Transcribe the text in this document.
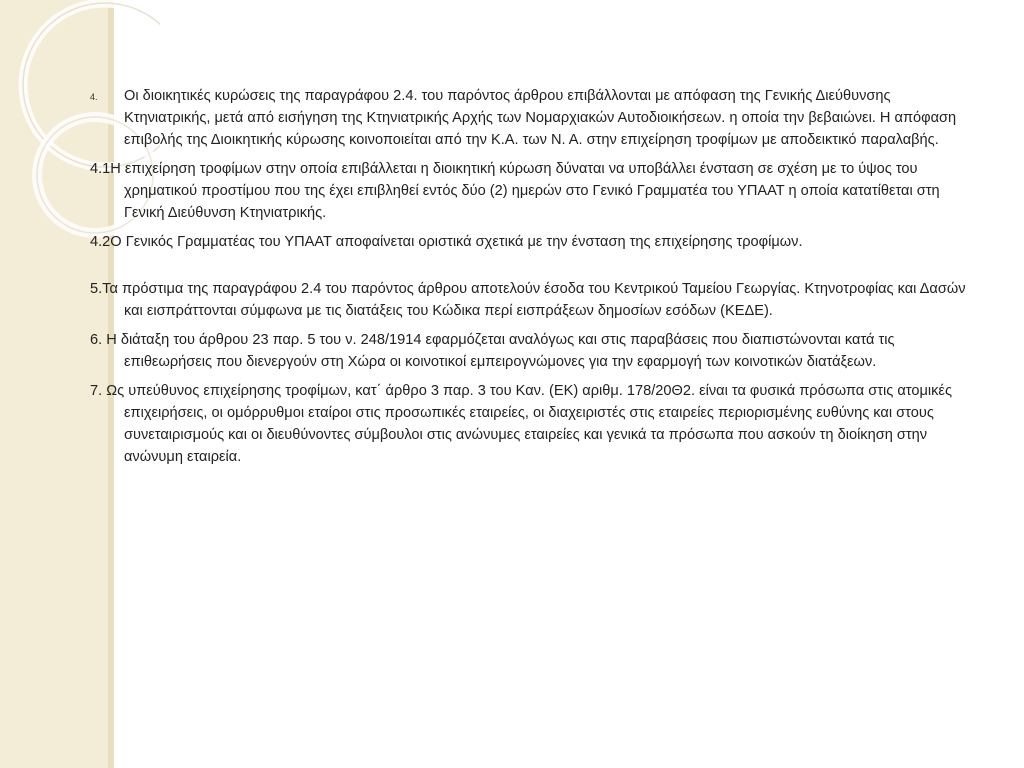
4. Οι διοικητικές κυρώσεις της παραγράφου 2.4. του παρόντος άρθρου επιβάλλονται με απόφαση της Γενικής Διεύθυνσης Κτηνιατρικής, μετά από εισήγηση της Κτηνιατρικής Αρχής των Νομαρχιακών Αυτοδιοικήσεων. η οποία την βεβαιώνει. Η απόφαση επιβολής της Διοικητικής κύρωσης κοινοποιείται από την Κ.Α. των Ν. Α. στην επιχείρηση τροφίμων με αποδεικτικό παραλαβής.

4.1Η επιχείρηση τροφίμων στην οποία επιβάλλεται η διοικητική κύρωση δύναται να υποβάλλει ένσταση σε σχέση με το ύψος του χρηματικού προστίμου που της έχει επιβληθεί εντός δύο (2) ημερών στο Γενικό Γραμματέα του ΥΠΑΑΤ η οποία κατατίθεται στη Γενική Διεύθυνση Κτηνιατρικής.

4.2Ο Γενικός Γραμματέας του ΥΠΑΑΤ αποφαίνεται οριστικά σχετικά με την ένσταση της επιχείρησης τροφίμων.

5.Τα πρόστιμα της παραγράφου 2.4 του παρόντος άρθρου αποτελούν έσοδα του Κεντρικού Ταμείου Γεωργίας. Κτηνοτροφίας και Δασών και εισπράττονται σύμφωνα με τις διατάξεις του Κώδικα περί εισπράξεων δημοσίων εσόδων (ΚΕΔΕ).

6. Η διάταξη του άρθρου 23 παρ. 5 του ν. 248/1914 εφαρμόζεται αναλόγως και στις παραβάσεις που διαπιστώνονται κατά τις επιθεωρήσεις που διενεργούν στη Χώρα οι κοινοτικοί εμπειρογνώμονες για την εφαρμογή των κοινοτικών διατάξεων.

7. Ως υπεύθυνος επιχείρησης τροφίμων, κατ΄ άρθρο 3 παρ. 3 του Καν. (ΕΚ) αριθμ. 178/20Θ2. είναι τα φυσικά πρόσωπα στις ατομικές επιχειρήσεις, οι ομόρρυθμοι εταίροι στις προσωπικές εταιρείες, οι διαχειριστές στις εταιρείες περιορισμένης ευθύνης και στους συνεταιρισμούς και οι διευθύνοντες σύμβουλοι στις ανώνυμες εταιρείες και γενικά τα πρόσωπα που ασκούν τη διοίκηση στην ανώνυμη εταιρεία.
